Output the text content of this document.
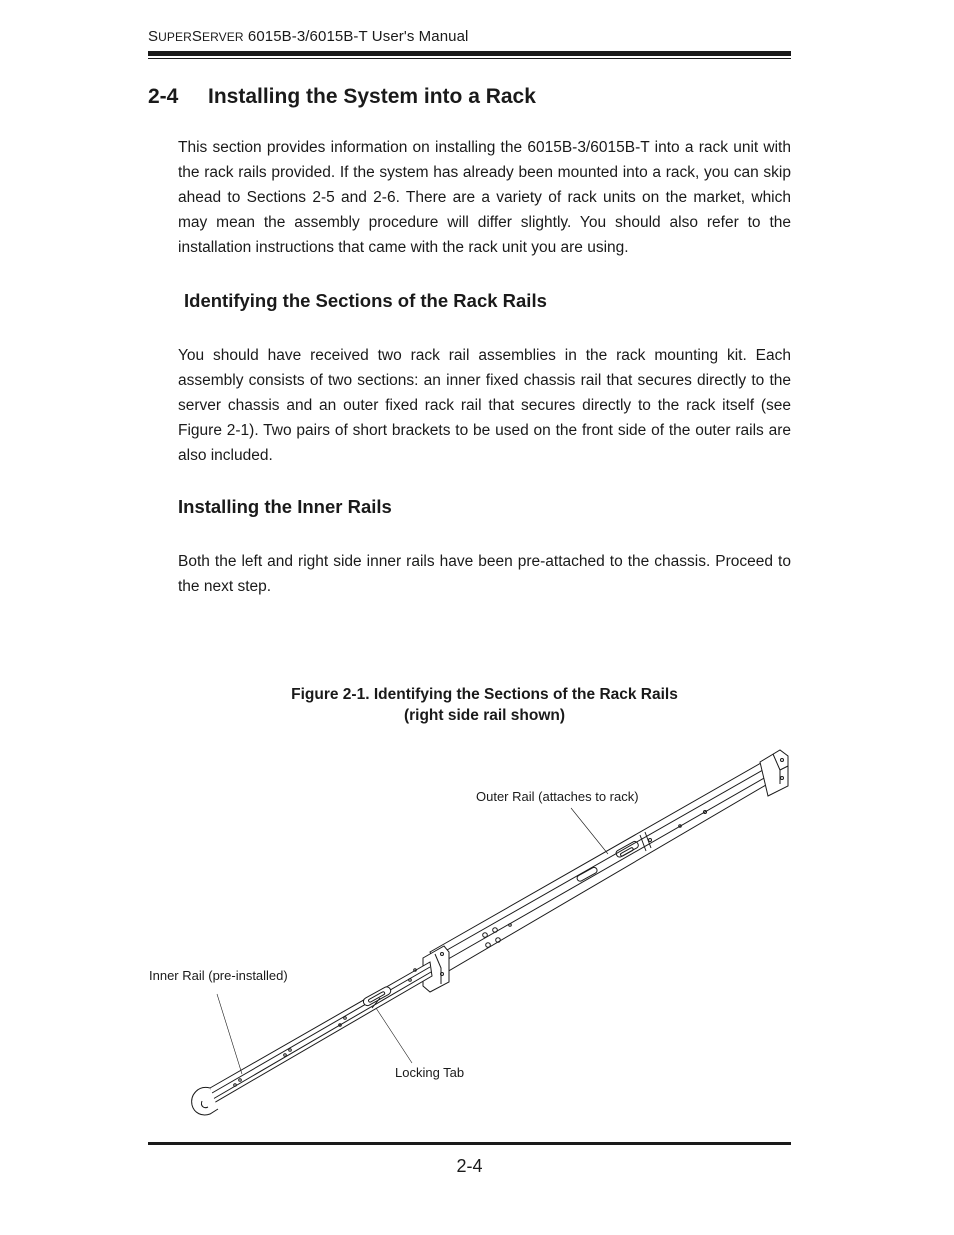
SUPERSERVER 6015B-3/6015B-T User's Manual
2-4 Installing the System into a Rack

This section provides information on installing the 6015B-3/6015B-T into a rack unit with the rack rails provided. If the system has already been mounted into a rack, you can skip ahead to Sections 2-5 and 2-6. There are a variety of rack units on the market, which may mean the assembly procedure will differ slightly. You should also refer to the installation instructions that came with the rack unit you are using.

Identifying the Sections of the Rack Rails

You should have received two rack rail assemblies in the rack mounting kit. Each assembly consists of two sections: an inner fixed chassis rail that secures directly to the server chassis and an outer fixed rack rail that secures directly to the rack itself (see Figure 2-1). Two pairs of short brackets to be used on the front side of the outer rails are also included.

Installing the Inner Rails

Both the left and right side inner rails have been pre-attached to the chassis. Proceed to the next step.

Figure 2-1. Identifying the Sections of the Rack Rails
(right side rail shown)
Outer Rail (attaches to rack)
Inner Rail (pre-installed)
Locking Tab
2-4
